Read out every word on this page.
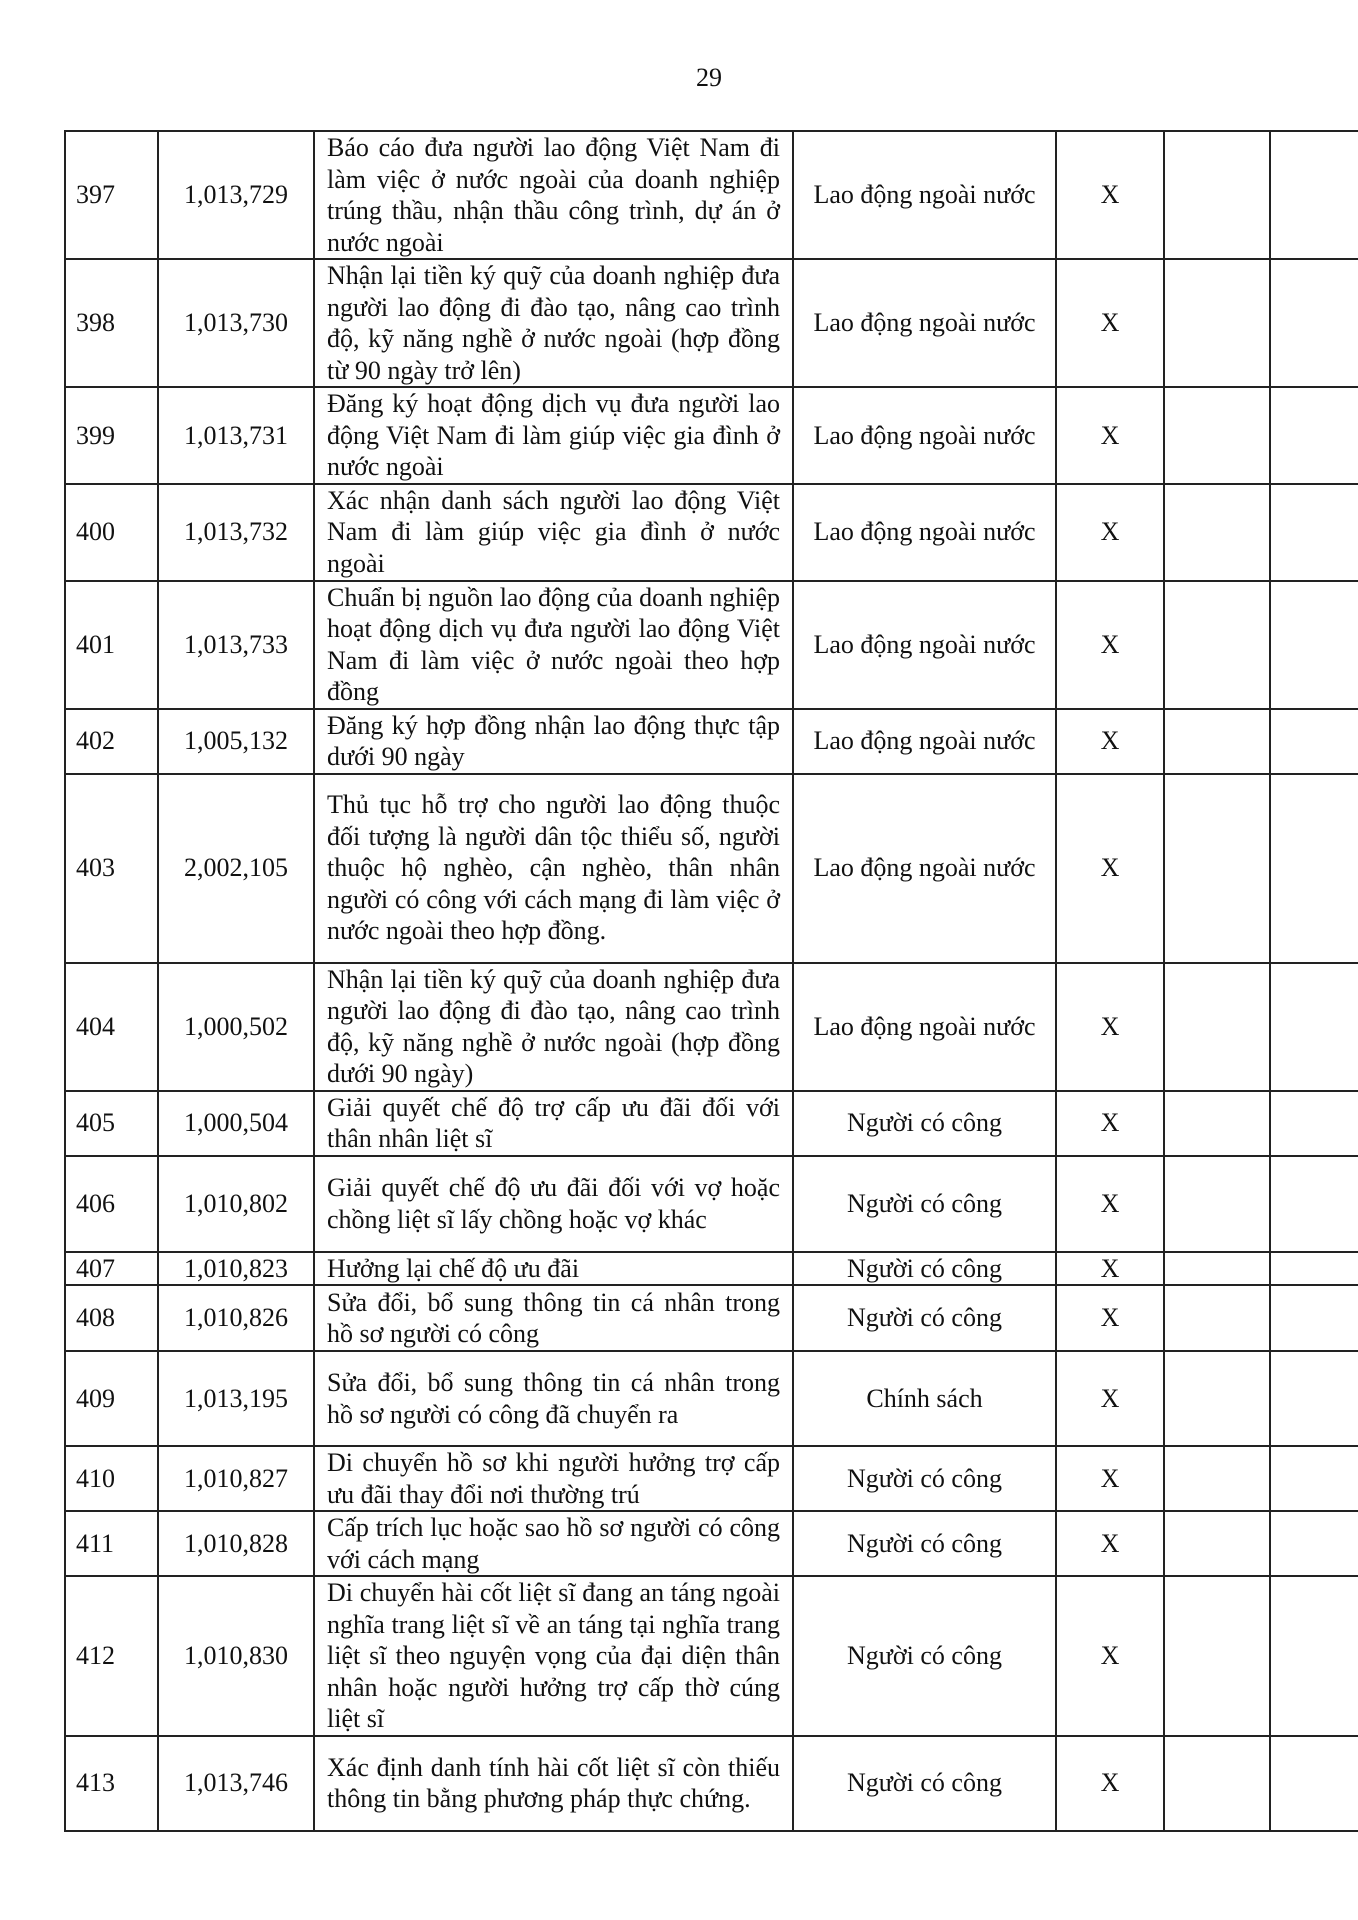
29
397	1,013,729	Báo cáo đưa người lao động Việt Nam đi làm việc ở nước ngoài của doanh nghiệp trúng thầu, nhận thầu công trình, dự án ở nước ngoài	Lao động ngoài nước	X		
398	1,013,730	Nhận lại tiền ký quỹ của doanh nghiệp đưa người lao động đi đào tạo, nâng cao trình độ, kỹ năng nghề ở nước ngoài (hợp đồng từ 90 ngày trở lên)	Lao động ngoài nước	X		
399	1,013,731	Đăng ký hoạt động dịch vụ đưa người lao động Việt Nam đi làm giúp việc gia đình ở nước ngoài	Lao động ngoài nước	X		
400	1,013,732	Xác nhận danh sách người lao động Việt Nam đi làm giúp việc gia đình ở nước ngoài	Lao động ngoài nước	X		
401	1,013,733	Chuẩn bị nguồn lao động của doanh nghiệp hoạt động dịch vụ đưa người lao động Việt Nam đi làm việc ở nước ngoài theo hợp đồng	Lao động ngoài nước	X		
402	1,005,132	Đăng ký hợp đồng nhận lao động thực tập dưới 90 ngày	Lao động ngoài nước	X		
403	2,002,105	Thủ tục hỗ trợ cho người lao động thuộc đối tượng là người dân tộc thiểu số, người thuộc hộ nghèo, cận nghèo, thân nhân người có công với cách mạng đi làm việc ở nước ngoài theo hợp đồng.	Lao động ngoài nước	X		
404	1,000,502	Nhận lại tiền ký quỹ của doanh nghiệp đưa người lao động đi đào tạo, nâng cao trình độ, kỹ năng nghề ở nước ngoài (hợp đồng dưới 90 ngày)	Lao động ngoài nước	X		
405	1,000,504	Giải quyết chế độ trợ cấp ưu đãi đối với thân nhân liệt sĩ	Người có công	X		
406	1,010,802	Giải quyết chế độ ưu đãi đối với vợ hoặc chồng liệt sĩ lấy chồng hoặc vợ khác	Người có công	X		
407	1,010,823	Hưởng lại chế độ ưu đãi	Người có công	X		
408	1,010,826	Sửa đổi, bổ sung thông tin cá nhân trong hồ sơ người có công	Người có công	X		
409	1,013,195	Sửa đổi, bổ sung thông tin cá nhân trong hồ sơ người có công đã chuyển ra	Chính sách	X		
410	1,010,827	Di chuyển hồ sơ khi người hưởng trợ cấp ưu đãi thay đổi nơi thường trú	Người có công	X		
411	1,010,828	Cấp trích lục hoặc sao hồ sơ người có công với cách mạng	Người có công	X		
412	1,010,830	Di chuyển hài cốt liệt sĩ đang an táng ngoài nghĩa trang liệt sĩ về an táng tại nghĩa trang liệt sĩ theo nguyện vọng của đại diện thân nhân hoặc người hưởng trợ cấp thờ cúng liệt sĩ	Người có công	X		
413	1,013,746	Xác định danh tính hài cốt liệt sĩ còn thiếu thông tin bằng phương pháp thực chứng.	Người có công	X		
